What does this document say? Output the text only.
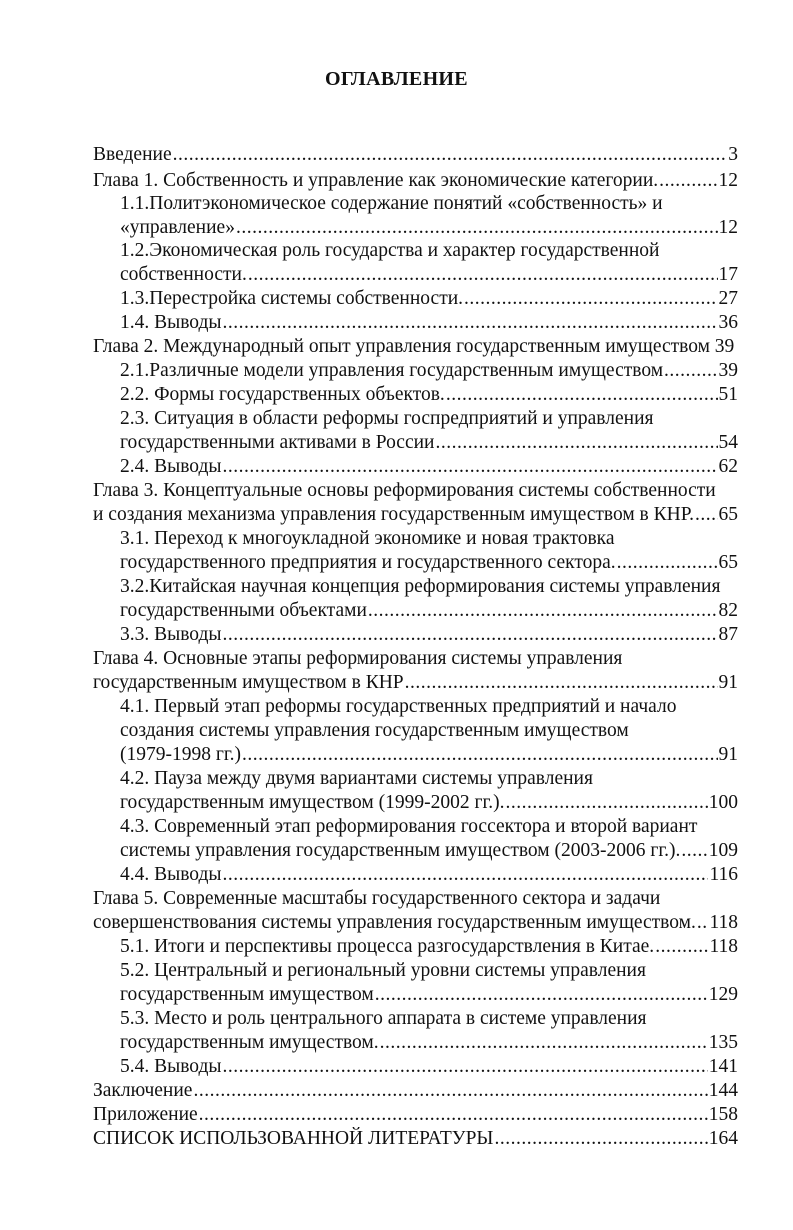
ОГЛАВЛЕНИЕ
Введение .....	3
Глава 1. Собственность и управление как экономические категории. .....	12
1.1.Политэкономическое содержание понятий «собственность» и
«управление» .....	12
1.2.Экономическая роль государства и характер государственной
собственности. .....	17
1.3.Перестройка системы собственности. .....	27
1.4. Выводы .....	36
Глава 2. Международный опыт управления государственным имуществом 39
2.1.Различные модели управления государственным имуществом .....	39
2.2. Формы государственных объектов. .....	51
2.3. Ситуация в области реформы госпредприятий и управления
государственными активами в России .....	54
2.4. Выводы .....	62
Глава 3. Концептуальные основы реформирования системы собственности
и создания механизма управления государственным имуществом в КНР. ..... 65
3.1. Переход к многоукладной экономике и новая трактовка
государственного предприятия и государственного сектора. .....	65
3.2.Китайская научная концепция реформирования системы управления
государственными объектами .....	82
3.3. Выводы .....	87
Глава 4. Основные этапы реформирования системы управления
государственным имуществом в КНР .....	91
4.1. Первый этап реформы государственных предприятий и начало
создания системы управления государственным имуществом
(1979-1998 гг.) .....	91
4.2. Пауза между двумя вариантами системы управления
государственным имуществом (1999-2002 гг.). .....	100
4.3. Современный этап реформирования госсектора и второй вариант
системы управления государственным имуществом (2003-2006 гг.). ..... 109
4.4. Выводы .....	116
Глава 5. Современные масштабы государственного сектора и задачи
совершенствования системы управления государственным имуществом. ..... 118
5.1. Итоги и перспективы процесса разгосударствления в Китае. .....	118
5.2. Центральный и региональный уровни системы управления
государственным имуществом .....	129
5.3. Место и роль центрального аппарата в системе управления
государственным имуществом. .....	135
5.4. Выводы .....	141
Заключение .....	144
Приложение .....	158
СПИСОК ИСПОЛЬЗОВАННОЙ ЛИТЕРАТУРЫ .....	164
